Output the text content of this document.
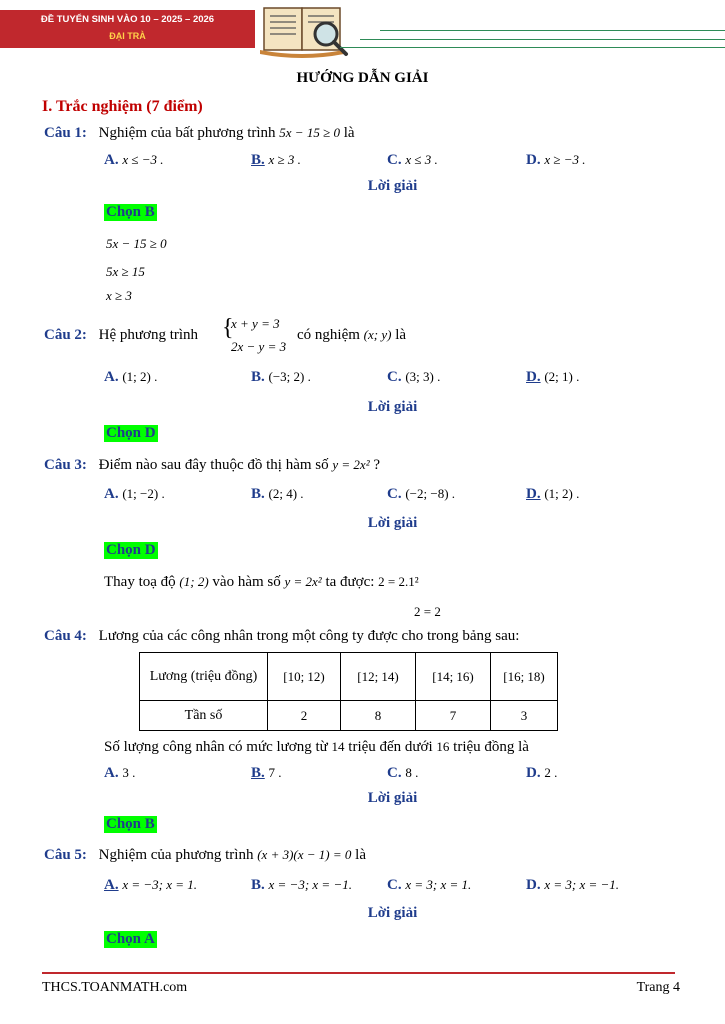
ĐỀ TUYỂN SINH VÀO 10 – 2025 – 2026
ĐẠI TRÀ
HƯỚNG DẪN GIẢI
I. Trắc nghiệm (7 điểm)
Câu 1: Nghiệm của bất phương trình 5x − 15 ≥ 0 là
A. x ≤ −3 .	B. x ≥ 3 .	C. x ≤ 3 .	D. x ≥ −3 .
Lời giải
Chọn B
5x − 15 ≥ 0
5x ≥ 15
x ≥ 3
Câu 2: Hệ phương trình {
x + y = 3
2x − y = 3
có nghiệm (x; y) là
A. (1; 2) .	B. (−3; 2) .	C. (3; 3) .	D. (2; 1) .
Lời giải
Chọn D
Câu 3: Điểm nào sau đây thuộc đồ thị hàm số y = 2x² ?
A. (1; −2) .	B. (2; 4) .	C. (−2; −8) .	D. (1; 2) .
Lời giải
Chọn D
Thay toạ độ (1; 2) vào hàm số y = 2x² ta được: 2 = 2.1²
2 = 2
Câu 4: Lương của các công nhân trong một công ty được cho trong bảng sau:
Lương (triệu đồng)	[10; 12)	[12; 14)	[14; 16)	[16; 18)
Tần số	2	8	7	3
Số lượng công nhân có mức lương từ 14 triệu đến dưới 16 triệu đồng là
A. 3 .	B. 7 .	C. 8 .	D. 2 .
Lời giải
Chọn B
Câu 5: Nghiệm của phương trình (x + 3)(x − 1) = 0 là
A. x = −3; x = 1.	B. x = −3; x = −1. C. x = 3; x = 1.	D. x = 3; x = −1.
Lời giải
Chọn A
THCS.TOANMATH.com	Trang 4
